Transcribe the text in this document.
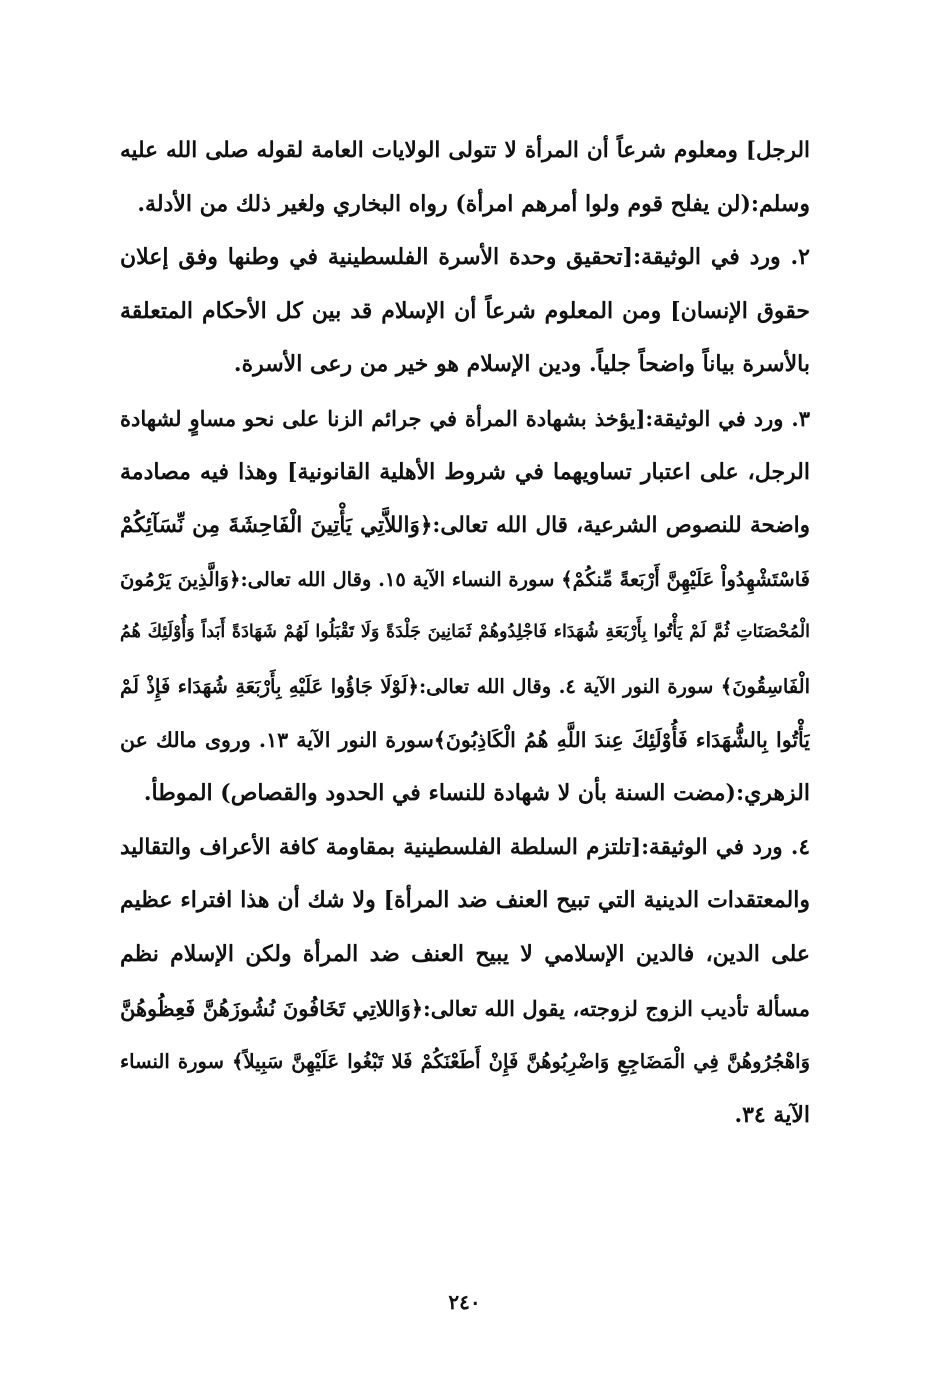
الرجل] ومعلوم شرعاً أن المرأة لا تتولى الولايات العامة لقوله صلى الله عليه
وسلم:(لن يفلح قوم ولوا أمرهم امرأة) رواه البخاري ولغير ذلك من الأدلة.
٢. ورد في الوثيقة:[تحقيق وحدة الأسرة الفلسطينية في وطنها وفق إعلان
حقوق الإنسان] ومن المعلوم شرعاً أن الإسلام قد بين كل الأحكام المتعلقة
بالأسرة بياناً واضحاً جلياً. ودين الإسلام هو خير من رعى الأسرة.
٣. ورد في الوثيقة:[يؤخذ بشهادة المرأة في جرائم الزنا على نحو مساوٍ لشهادة
الرجل، على اعتبار تساويهما في شروط الأهلية القانونية] وهذا فيه مصادمة
واضحة للنصوص الشرعية، قال الله تعالى:﴿وَاللاَّتِي يَأْتِينَ الْفَاحِشَةَ مِن نِّسَآئِكُمْ
فَاسْتَشْهِدُواْ عَلَيْهِنَّ أَرْبَعةً مِّنكُمْ﴾ سورة النساء الآية ١٥. وقال الله تعالى:﴿وَالَّذِينَ يَرْمُونَ
الْمُحْصَنَاتِ ثُمَّ لَمْ يَأْتُوا بِأَرْبَعَةِ شُهَدَاء فَاجْلِدُوهُمْ ثَمَانِينَ جَلْدَةً وَلَا تَقْبَلُوا لَهُمْ شَهَادَةً أَبَداً وَأُوْلَئِكَ هُمُ
الْفَاسِقُونَ﴾ سورة النور الآية ٤. وقال الله تعالى:﴿لَوْلَا جَاؤُوا عَلَيْهِ بِأَرْبَعَةِ شُهَدَاء فَإِذْ لَمْ
يَأْتُوا بِالشُّهَدَاء فَأُوْلَئِكَ عِندَ اللَّهِ هُمُ الْكَاذِبُونَ﴾سورة النور الآية ١٣. وروى مالك عن
الزهري:(مضت السنة بأن لا شهادة للنساء في الحدود والقصاص) الموطأ.
٤. ورد في الوثيقة:[تلتزم السلطة الفلسطينية بمقاومة كافة الأعراف والتقاليد
والمعتقدات الدينية التي تبيح العنف ضد المرأة] ولا شك أن هذا افتراء عظيم
على الدين، فالدين الإسلامي لا يبيح العنف ضد المرأة ولكن الإسلام نظم
مسألة تأديب الزوج لزوجته، يقول الله تعالى:﴿وَاللاتِي تَخَافُونَ نُشُوزَهُنَّ فَعِظُوهُنَّ
وَاهْجُرُوهُنَّ فِي الْمَضَاجِعِ وَاضْرِبُوهُنَّ فَإِنْ أَطَعْنَكُمْ فَلا تَبْغُوا عَلَيْهِنَّ سَبِيلاً﴾ سورة النساء
الآية ٣٤.
٢٤٠
